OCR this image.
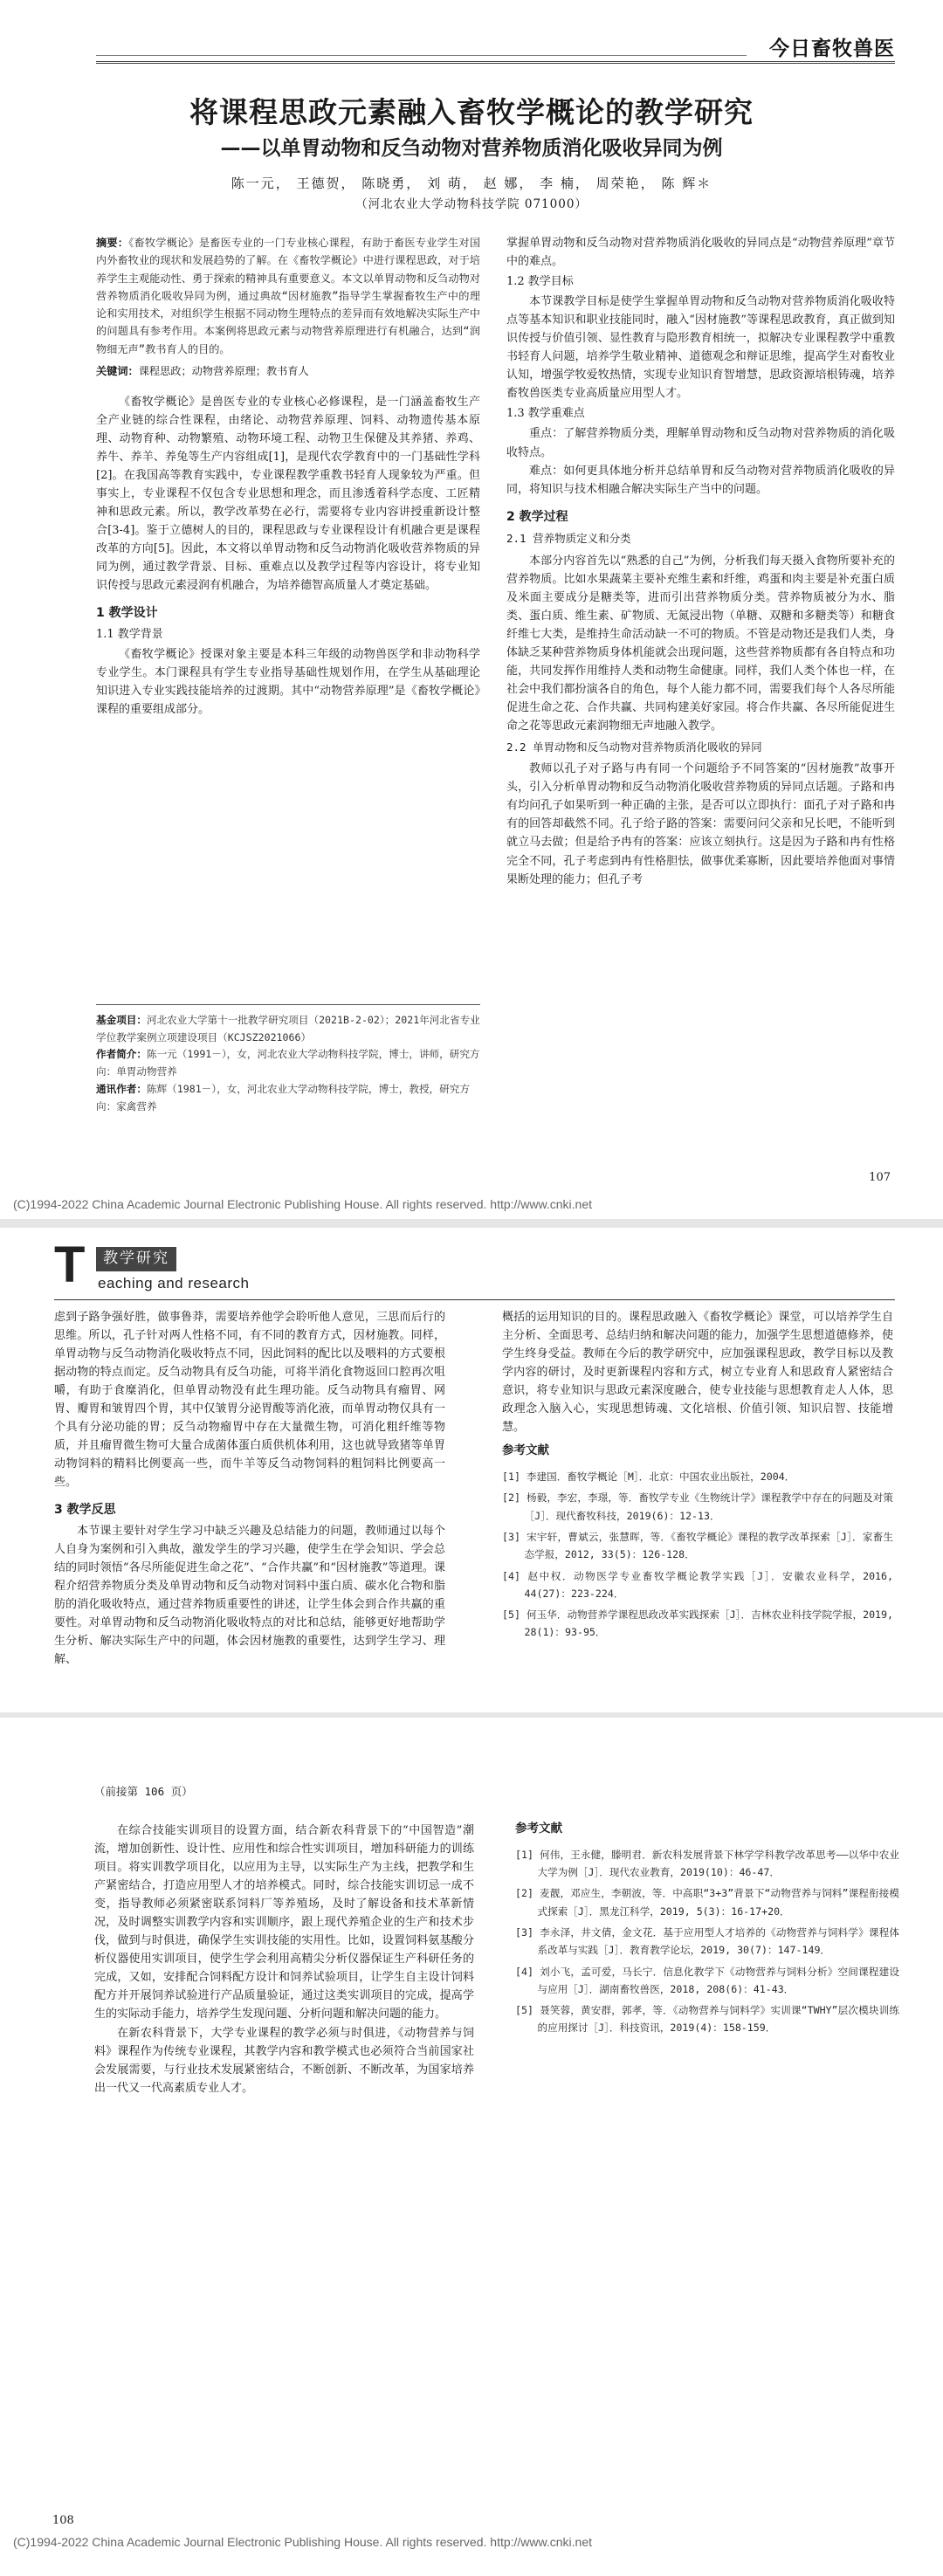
今日畜牧兽医
将课程思政元素融入畜牧学概论的教学研究
——以单胃动物和反刍动物对营养物质消化吸收异同为例
陈一元， 王德贺， 陈晓勇， 刘 萌， 赵 娜， 李 楠， 周荣艳， 陈 辉＊
（河北农业大学动物科技学院 071000）

摘要：《畜牧学概论》是畜医专业的一门专业核心课程，有助于畜医专业学生对国内外畜牧业的现状和发展趋势的了解。在《畜牧学概论》中进行课程思政，对于培养学生主观能动性、勇于探索的精神具有重要意义。本文以单胃动物和反刍动物对营养物质消化吸收异同为例，通过典故“因材施教”指导学生掌握畜牧生产中的理论和实用技术，对组织学生根据不同动物生理特点的差异而有效地解决实际生产中的问题具有参考作用。本案例将思政元素与动物营养原理进行有机融合，达到“润物细无声”教书育人的目的。

关键词：课程思政；动物营养原理；教书育人

《畜牧学概论》是兽医专业的专业核心必修课程，是一门涵盖畜牧生产全产业链的综合性课程，由绪论、动物营养原理、饲料、动物遗传基本原理、动物育种、动物繁殖、动物环境工程、动物卫生保健及其养猪、养鸡、养牛、养羊、养兔等生产内容组成[1]，是现代农学教育中的一门基础性学科[2]。在我国高等教育实践中，专业课程教学重教书轻育人现象较为严重。但事实上，专业课程不仅包含专业思想和理念，而且渗透着科学态度、工匠精神和思政元素。所以，教学改革势在必行，需要将专业内容讲授重新设计整合[3-4]。鉴于立德树人的目的，课程思政与专业课程设计有机融合更是课程改革的方向[5]。因此，本文将以单胃动物和反刍动物消化吸收营养物质的异同为例，通过教学背景、目标、重难点以及教学过程等内容设计，将专业知识传授与思政元素浸润有机融合，为培养德智高质量人才奠定基础。

1 教学设计
1.1 教学背景

《畜牧学概论》授课对象主要是本科三年级的动物兽医学和非动物科学专业学生。本门课程具有学生专业指导基础性规划作用，在学生从基础理论知识进入专业实践技能培养的过渡期。其中“动物营养原理”是《畜牧学概论》课程的重要组成部分。

基金项目：河北农业大学第十一批教学研究项目（2021B-2-02）；2021年河北省专业学位教学案例立项建设项目（KCJSZ2021066）
作者简介：陈一元（1991－），女，河北农业大学动物科技学院，博士，讲师，研究方向：单胃动物营养
通讯作者：陈辉（1981－），女，河北农业大学动物科技学院，博士，教授，研究方向：家禽营养

掌握单胃动物和反刍动物对营养物质消化吸收的异同点是“动物营养原理”章节中的难点。

1.2 教学目标

本节课教学目标是使学生掌握单胃动物和反刍动物对营养物质消化吸收特点等基本知识和职业技能同时，融入“因材施教”等课程思政教育，真正做到知识传授与价值引领、显性教育与隐形教育相统一，拟解决专业课程教学中重教书轻育人问题，培养学生敬业精神、道德观念和辩证思维，提高学生对畜牧业认知，增强学牧爱牧热情，实现专业知识育智增慧，思政资源培根铸魂，培养畜牧兽医类专业高质量应用型人才。

1.3 教学重难点

重点：了解营养物质分类，理解单胃动物和反刍动物对营养物质的消化吸收特点。

难点：如何更具体地分析并总结单胃和反刍动物对营养物质消化吸收的异同，将知识与技术相融合解决实际生产当中的问题。

2 教学过程
2.1 营养物质定义和分类

本部分内容首先以“熟悉的自己”为例，分析我们每天摄入食物所要补充的营养物质。比如水果蔬菜主要补充维生素和纤维，鸡蛋和肉主要是补充蛋白质及米面主要成分是糖类等，进而引出营养物质分类。营养物质被分为水、脂类、蛋白质、维生素、矿物质、无氮浸出物（单糖、双糖和多糖类等）和糖食纤维七大类，是维持生命活动缺一不可的物质。不管是动物还是我们人类，身体缺乏某种营养物质身体机能就会出现问题，这些营养物质都有各自特点和功能，共同发挥作用维持人类和动物生命健康。同样，我们人类个体也一样，在社会中我们都扮演各自的角色，每个人能力都不同，需要我们每个人各尽所能促进生命之花、合作共赢、共同构建美好家园。将合作共赢、各尽所能促进生命之花等思政元素润物细无声地融入教学。

2.2 单胃动物和反刍动物对营养物质消化吸收的异同

教师以孔子对子路与冉有同一个问题给予不同答案的“因材施教”故事开头，引入分析单胃动物和反刍动物消化吸收营养物质的异同点话题。子路和冉有均问孔子如果听到一种正确的主张，是否可以立即执行：面孔子对子路和冉有的回答却截然不同。孔子给子路的答案：需要问问父亲和兄长吧，不能听到就立马去做；但是给予冉有的答案：应该立刻执行。这是因为子路和冉有性格完全不同，孔子考虑到冉有性格胆怯，做事优柔寡断，因此要培养他面对事情果断处理的能力；但孔子考

107
(C)1994-2022 China Academic Journal Electronic Publishing House. All rights reserved. http://www.cnki.net
T	教学研究
eaching and research

虑到子路争强好胜，做事鲁莽，需要培养他学会聆听他人意见，三思而后行的思维。所以，孔子针对两人性格不同，有不同的教育方式，因材施教。同样，单胃动物与反刍动物消化吸收特点不同，因此饲料的配比以及喂料的方式要根据动物的特点而定。反刍动物具有反刍功能，可将半消化食物返回口腔再次咀嚼，有助于食糜消化，但单胃动物没有此生理功能。反刍动物具有瘤胃、网胃、瓣胃和皱胃四个胃，其中仅皱胃分泌胃酸等消化液，而单胃动物仅具有一个具有分泌功能的胃；反刍动物瘤胃中存在大量微生物，可消化粗纤维等物质，并且瘤胃微生物可大量合成菌体蛋白质供机体利用，这也就导致猪等单胃动物饲料的精料比例要高一些，而牛羊等反刍动物饲料的粗饲料比例要高一些。

3 教学反思

本节课主要针对学生学习中缺乏兴趣及总结能力的问题，教师通过以每个人自身为案例和引入典故，激发学生的学习兴趣，使学生在学会知识、学会总结的同时领悟“各尽所能促进生命之花”、“合作共赢”和“因材施教”等道理。课程介绍营养物质分类及单胃动物和反刍动物对饲料中蛋白质、碳水化合物和脂肪的消化吸收特点，通过营养物质重要性的讲述，让学生体会到合作共赢的重要性。对单胃动物和反刍动物消化吸收特点的对比和总结，能够更好地帮助学生分析、解决实际生产中的问题，体会因材施教的重要性，达到学生学习、理解、

概括的运用知识的目的。课程思政融入《畜牧学概论》课堂，可以培养学生自主分析、全面思考、总结归纳和解决问题的能力，加强学生思想道德修养，使学生终身受益。教师在今后的教学研究中，应加强课程思政，教学目标以及教学内容的研讨，及时更新课程内容和方式，树立专业育人和思政育人紧密结合意识，将专业知识与思政元素深度融合，使专业技能与思想教育走人人体，思政理念入脑入心，实现思想铸魂、文化培根、价值引领、知识启智、技能增慧。

参考文献
[1] 李建国．畜牧学概论［M］．北京：中国农业出版社，2004．
[2] 杨毅，李宏，李璟，等．畜牧学专业《生物统计学》课程教学中存在的问题及对策［J］．现代畜牧科技，2019(6)：12-13．
[3] 宋宇轩，曹斌云，张慧晖，等．《畜牧学概论》课程的教学改革探索［J］．家畜生态学报，2012, 33(5)：126-128．
[4] 赵中权．动物医学专业畜牧学概论教学实践［J］．安徽农业科学，2016, 44(27)：223-224．
[5] 何玉华．动物营养学课程思政改革实践探索［J］．吉林农业科技学院学报，2019, 28(1)：93-95．
（前接第 106 页）

在综合技能实训项目的设置方面，结合新农科背景下的“中国智造”潮流，增加创新性、设计性、应用性和综合性实训项目，增加科研能力的训练项目。将实训教学项目化，以应用为主导，以实际生产为主线，把教学和生产紧密结合，打造应用型人才的培养模式。同时，综合技能实训切忌一成不变，指导教师必须紧密联系饲料厂等养殖场，及时了解设备和技术革新情况，及时调整实训教学内容和实训顺序，跟上现代养殖企业的生产和技术步伐，做到与时俱进，确保学生实训技能的实用性。比如，设置饲料氨基酸分析仪器使用实训项目，使学生学会利用高精尖分析仪器保证生产科研任务的完成，又如，安排配合饲料配方设计和饲养试验项目，让学生自主设计饲料配方并开展饲养试验进行产品质量验证，通过这类实训项目的完成，提高学生的实际动手能力，培养学生发现问题、分析问题和解决问题的能力。

在新农科背景下，大学专业课程的教学必须与时俱进，《动物营养与饲料》课程作为传统专业课程，其教学内容和教学模式也必须符合当前国家社会发展需要，与行业技术发展紧密结合，不断创新、不断改革，为国家培养出一代又一代高素质专业人才。

参考文献
[1] 何伟，王永健，滕明君．新农科发展背景下林学学科教学改革思考——以华中农业大学为例［J］．现代农业教育，2019(10)：46-47．
[2] 麦靓，邓应生，李朝波，等．中高职“3+3”背景下“动物营养与饲料”课程衔接模式探索［J］．黑龙江科学，2019, 5(3)：16-17+20．
[3] 李永泽，井文倩，金文花．基于应用型人才培养的《动物营养与饲料学》课程体系改革与实践［J］．教育教学论坛，2019, 30(7)：147-149．
[4] 刘小飞，孟可爱，马长宁．信息化教学下《动物营养与饲料分析》空间课程建设与应用［J］．湖南畜牧兽医，2018, 208(6)：41-43．
[5] 聂笑蓉，黄安群，郭孝，等．《动物营养与饲料学》实训课“TWHY”层次模块训练的应用探讨［J］．科技资讯，2019(4)：158-159．
108
(C)1994-2022 China Academic Journal Electronic Publishing House. All rights reserved. http://www.cnki.net
